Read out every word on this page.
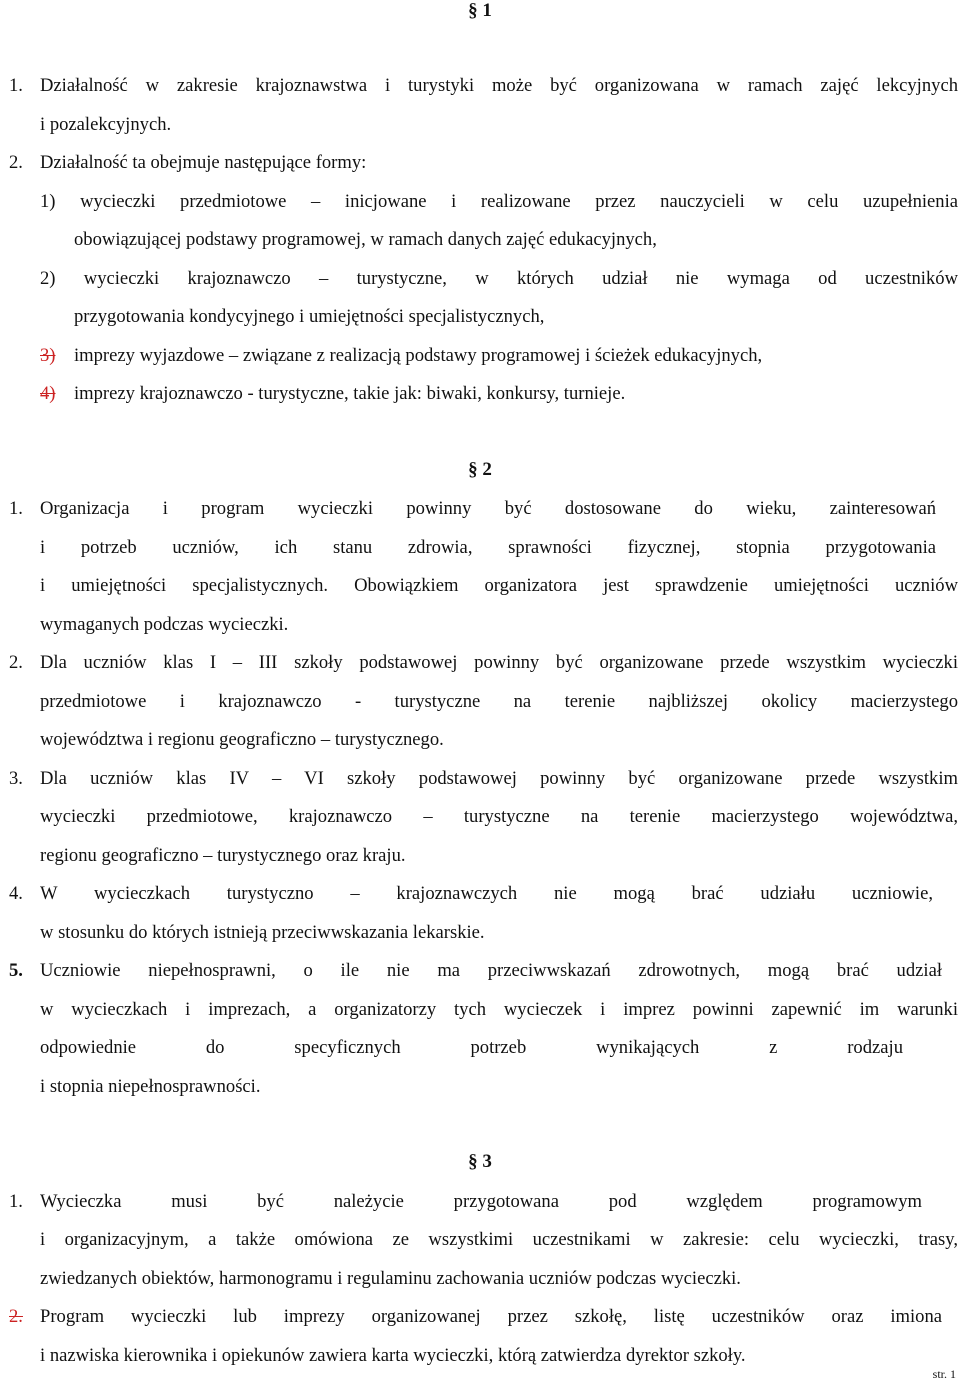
§ 1
1. Działalność w zakresie krajoznawstwa i turystyki może być organizowana w ramach zajęć lekcyjnych
i pozalekcyjnych.
2. Działalność ta obejmuje następujące formy:
1) wycieczki przedmiotowe – inicjowane i realizowane przez nauczycieli w celu uzupełnienia
obowiązującej podstawy programowej, w ramach danych zajęć edukacyjnych,
2) wycieczki krajoznawczo – turystyczne, w których udział nie wymaga od uczestników
przygotowania kondycyjnego i umiejętności specjalistycznych,
3) imprezy wyjazdowe – związane z realizacją podstawy programowej i ścieżek edukacyjnych,
4) imprezy krajoznawczo - turystyczne, takie jak: biwaki, konkursy, turnieje.
§ 2
1. Organizacja i program wycieczki powinny być dostosowane do wieku, zainteresowań
i potrzeb uczniów, ich stanu zdrowia, sprawności fizycznej, stopnia przygotowania
i umiejętności specjalistycznych. Obowiązkiem organizatora jest sprawdzenie umiejętności uczniów
wymaganych podczas wycieczki.
2. Dla uczniów klas I – III szkoły podstawowej powinny być organizowane przede wszystkim wycieczki
przedmiotowe i krajoznawczo - turystyczne na terenie najbliższej okolicy macierzystego
województwa i regionu geograficzno – turystycznego.
3. Dla uczniów klas IV – VI szkoły podstawowej powinny być organizowane przede wszystkim
wycieczki przedmiotowe, krajoznawczo – turystyczne na terenie macierzystego województwa,
regionu geograficzno – turystycznego oraz kraju.
4. W wycieczkach turystyczno – krajoznawczych nie mogą brać udziału uczniowie,
w stosunku do których istnieją przeciwwskazania lekarskie.
5. Uczniowie niepełnosprawni, o ile nie ma przeciwwskazań zdrowotnych, mogą brać udział
w wycieczkach i imprezach, a organizatorzy tych wycieczek i imprez powinni zapewnić im warunki
odpowiednie do specyficznych potrzeb wynikających z rodzaju
i stopnia niepełnosprawności.
§ 3
1. Wycieczka musi być należycie przygotowana pod względem programowym
i organizacyjnym, a także omówiona ze wszystkimi uczestnikami w zakresie: celu wycieczki, trasy,
zwiedzanych obiektów, harmonogramu i regulaminu zachowania uczniów podczas wycieczki.
2. Program wycieczki lub imprezy organizowanej przez szkołę, listę uczestników oraz imiona
i nazwiska kierownika i opiekunów zawiera karta wycieczki, którą zatwierdza dyrektor szkoły.
str. 1
